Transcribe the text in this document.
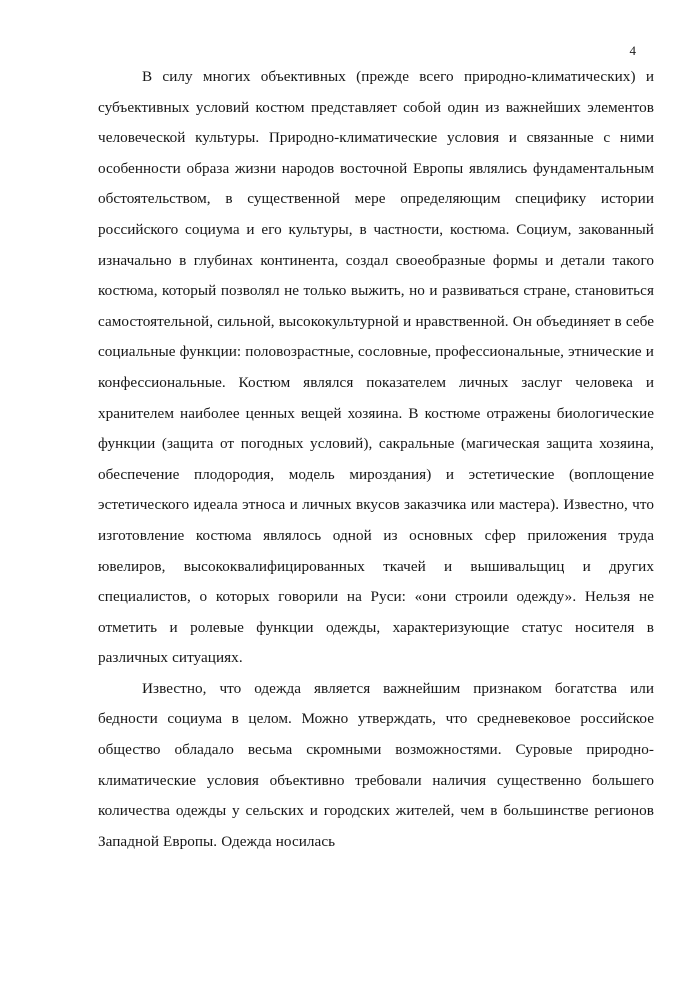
4

В силу многих объективных (прежде всего природно-климатических) и субъективных условий костюм представляет собой один из важнейших элементов человеческой культуры. Природно-климатические условия и связанные с ними особенности образа жизни народов восточной Европы являлись фундаментальным обстоятельством, в существенной мере определяющим специфику истории российского социума и его культуры, в частности, костюма. Социум, закованный изначально в глубинах континента, создал своеобразные формы и детали такого костюма, который позволял не только выжить, но и развиваться стране, становиться самостоятельной, сильной, высококультурной и нравственной. Он объединяет в себе социальные функции: половозрастные, сословные, профессиональные, этнические и конфессиональные. Костюм являлся показателем личных заслуг человека и хранителем наиболее ценных вещей хозяина. В костюме отражены биологические функции (защита от погодных условий), сакральные (магическая защита хозяина, обеспечение плодородия, модель мироздания) и эстетические (воплощение эстетического идеала этноса и личных вкусов заказчика или мастера). Известно, что изготовление костюма являлось одной из основных сфер приложения труда ювелиров, высококвалифицированных ткачей и вышивальщиц и других специалистов, о которых говорили на Руси: «они строили одежду». Нельзя не отметить и ролевые функции одежды, характеризующие статус носителя в различных ситуациях.

Известно, что одежда является важнейшим признаком богатства или бедности социума в целом. Можно утверждать, что средневековое российское общество обладало весьма скромными возможностями. Суровые природно-климатические условия объективно требовали наличия существенно большего количества одежды у сельских и городских жителей, чем в большинстве регионов Западной Европы. Одежда носилась
